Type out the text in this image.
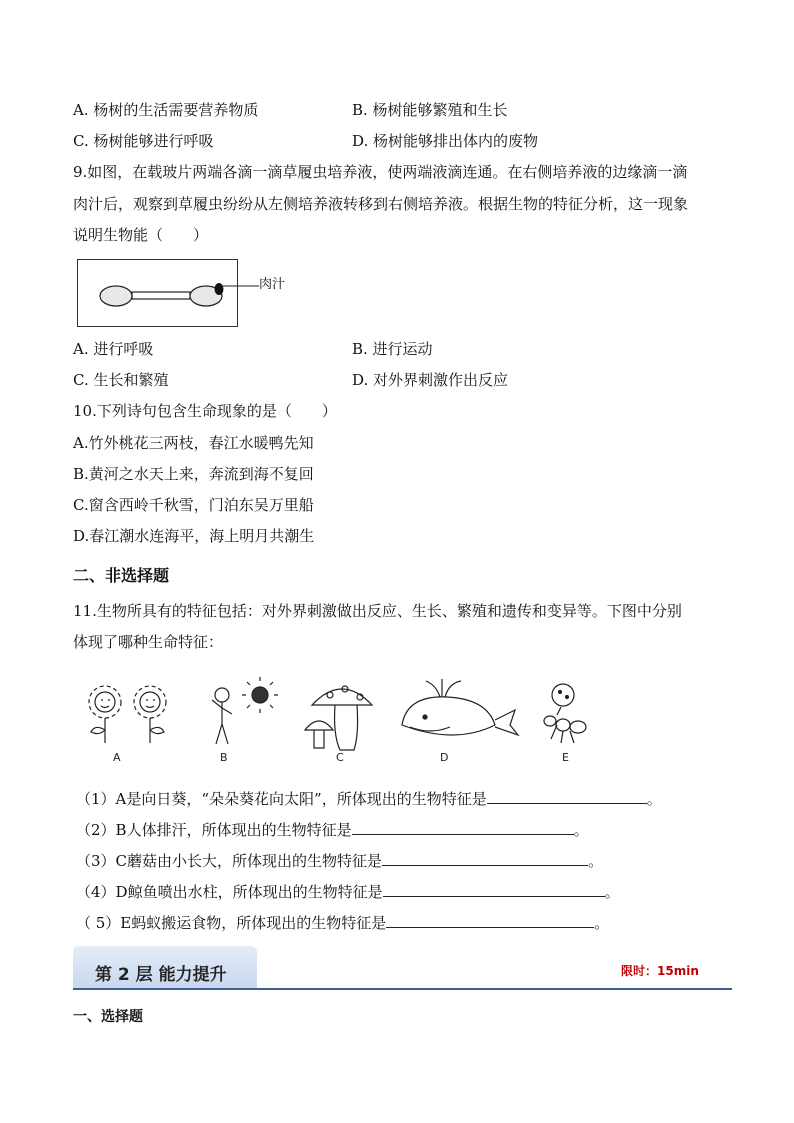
A. 杨树的生活需要营养物质	B. 杨树能够繁殖和生长
C. 杨树能够进行呼吸	D. 杨树能够排出体内的废物
9.如图，在载玻片两端各滴一滴草履虫培养液，使两端液滴连通。在右侧培养液的边缘滴一滴
肉汁后，观察到草履虫纷纷从左侧培养液转移到右侧培养液。根据生物的特征分析，这一现象
说明生物能（　　）
肉汁
A. 进行呼吸	B. 进行运动
C. 生长和繁殖	D. 对外界刺激作出反应
10.下列诗句包含生命现象的是（　　）
A.竹外桃花三两枝，春江水暖鸭先知
B.黄河之水天上来，奔流到海不复回
C.窗含西岭千秋雪，门泊东吴万里船
D.春江潮水连海平，海上明月共潮生
二、非选择题
11.生物所具有的特征包括：对外界刺激做出反应、生长、繁殖和遗传和变异等。下图中分别
体现了哪种生命特征：
A	B	C	D	E
（1）A是向日葵，“朵朵葵花向太阳”，所体现出的生物特征是	。
（2）B人体排汗，所体现出的生物特征是	。
（3）C蘑菇由小长大，所体现出的生物特征是	。
（4）D鲸鱼喷出水柱，所体现出的生物特征是	。
（ 5）E蚂蚁搬运食物，所体现出的生物特征是	。
第 2 层 能力提升	限时：15min
一、选择题
